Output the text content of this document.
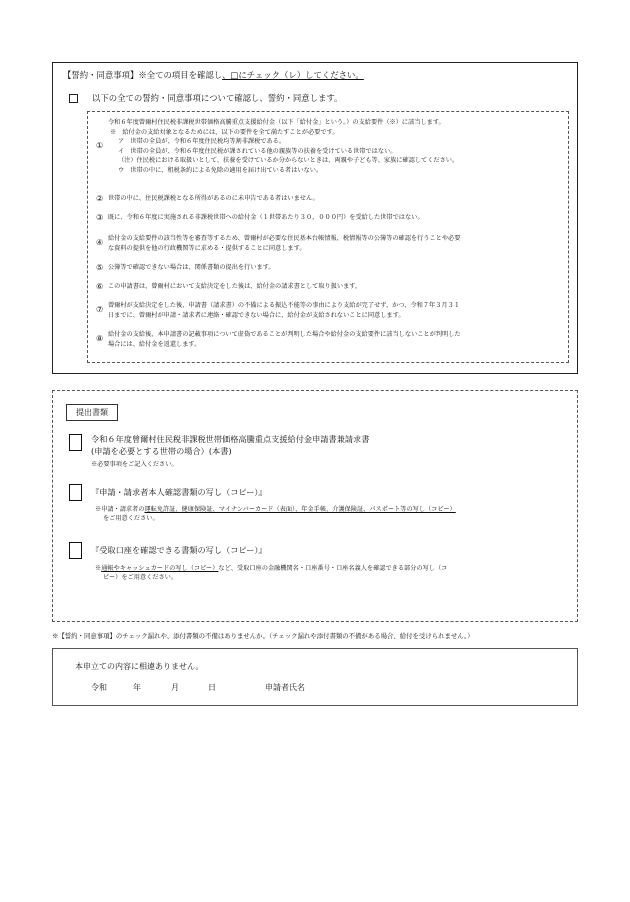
【誓約・同意事項】※全ての項目を確認し、□にチェック（レ）してください。
以下の全ての誓約・同意事項について確認し、誓約・同意します。
①

令和６年度曾爾村住民税非課税世帯価格高騰重点支援給付金（以下「給付金」という。）の支給要件（※）に該当します。

※　給付金の支給対象となるためには、以下の要件を全て満たすことが必要です。

ア　世帯の全員が、令和６年度住民税均等割非課税である。

イ　世帯の全員が、令和６年度住民税が課されている他の親族等の扶養を受けている世帯ではない。

（注）住民税における取扱いとして、扶養を受けているか分からないときは、両親や子ども等、家族に確認してください。

ウ　世帯の中に、租税条約による免除の適用を届け出ている者はいない。

② 世帯の中に、住民税課税となる所得があるのに未申告である者はいません。

③ 既に、令和６年度に実施される非課税世帯への給付金（１世帯あたり３０，０００円）を受給した世帯ではない。

④ 給付金の支給要件の該当性等を審査等するため、曾爾村が必要な住民基本台帳情報、税情報等の公簿等の確認を行うことや必要

な資料の提供を他の行政機関等に求める・提供することに同意します。

⑤ 公簿等で確認できない場合は、関係書類の提出を行います。

⑥ この申請書は、曾爾村において支給決定をした後は、給付金の請求書として取り扱います。

⑦ 曾爾村が支給決定をした後、申請書（請求書）の不備による振込不能等の事由により支給が完了せず、かつ、令和７年３月３１

日までに、曾爾村が申請・請求者に連絡・確認できない場合に、給付金が支給されないことに同意します。

⑧ 給付金の支給後、本申請書の記載事項について虚偽であることが判明した場合や給付金の支給要件に該当しないことが判明した

場合には、給付金を返還します。

提出書類
令和６年度曾爾村住民税非課税世帯価格高騰重点支援給付金申請書兼請求書
(申請を必要とする世帯の場合）(本書)
※必要事項をご記入ください。
『申請・請求者本人確認書類の写し（コピー）』
※申請・請求者の運転免許証、健康保険証、マイナンバーカード（表面）、年金手帳、介護保険証、パスポート等の写し（コピー）
をご用意ください。
『受取口座を確認できる書類の写し（コピー）』
※通帳やキャッシュカードの写し（コピー）など、受取口座の金融機関名・口座番号・口座名義人を確認できる部分の写し（コ
ピー）をご用意ください。
※【誓約・同意事項】のチェック漏れや、添付書類の不備はありませんか。（チェック漏れや添付書類の不備がある場合、給付を受けられません。）
本申立ての内容に相違ありません。
令和	年	月	日	申請者氏名
